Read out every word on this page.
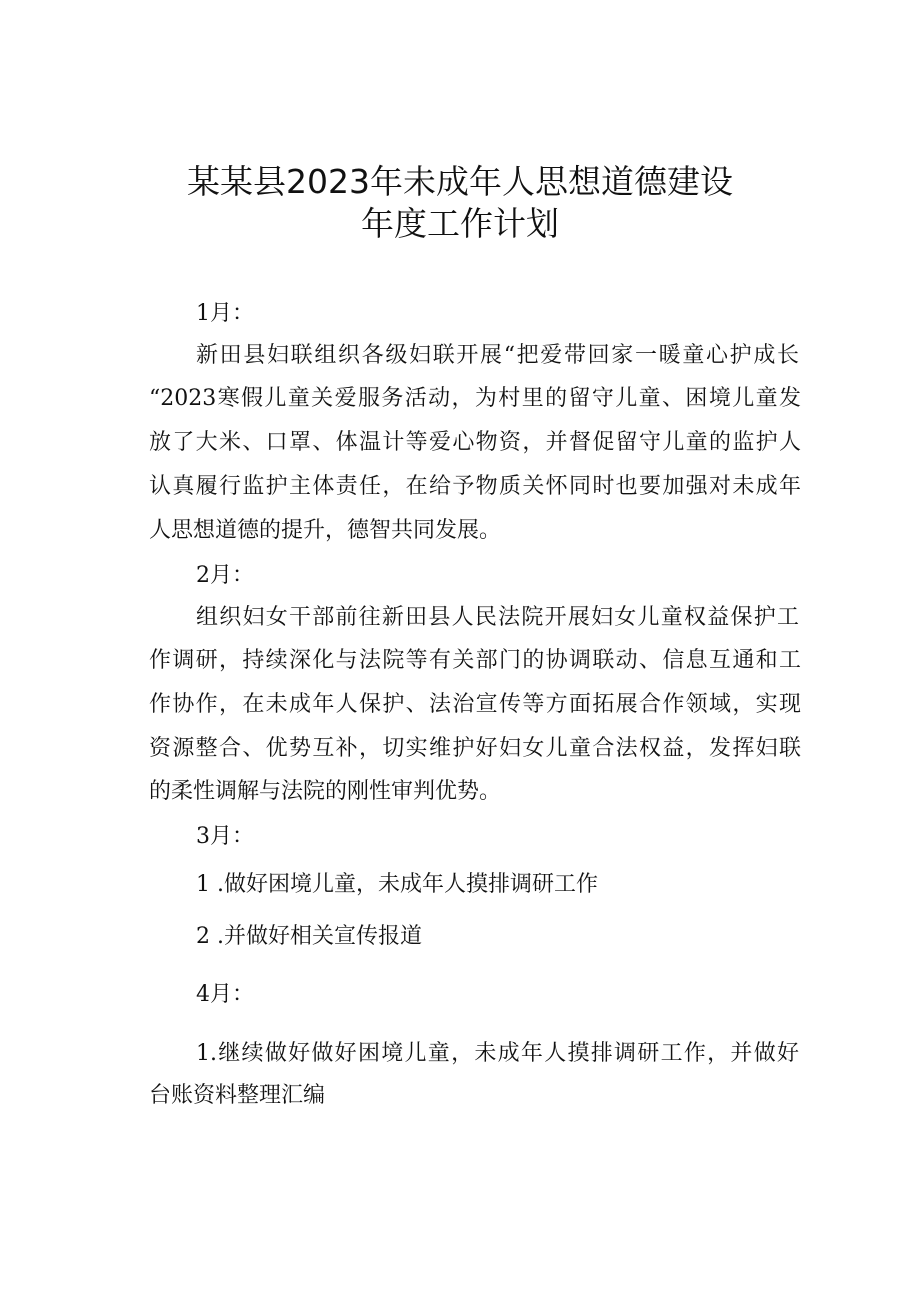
某某县2023年未成年人思想道德建设
年度工作计划
1月：
新田县妇联组织各级妇联开展“把爱带回家一暖童心护成长
“2023寒假儿童关爱服务活动，为村里的留守儿童、困境儿童发
放了大米、口罩、体温计等爱心物资，并督促留守儿童的监护人
认真履行监护主体责任，在给予物质关怀同时也要加强对未成年
人思想道德的提升，德智共同发展。
2月：
组织妇女干部前往新田县人民法院开展妇女儿童权益保护工
作调研，持续深化与法院等有关部门的协调联动、信息互通和工
作协作，在未成年人保护、法治宣传等方面拓展合作领域，实现
资源整合、优势互补，切实维护好妇女儿童合法权益，发挥妇联
的柔性调解与法院的刚性审判优势。
3月：
1 .做好困境儿童，未成年人摸排调研工作
2 .并做好相关宣传报道
4月：
1.继续做好做好困境儿童，未成年人摸排调研工作，并做好
台账资料整理汇编
